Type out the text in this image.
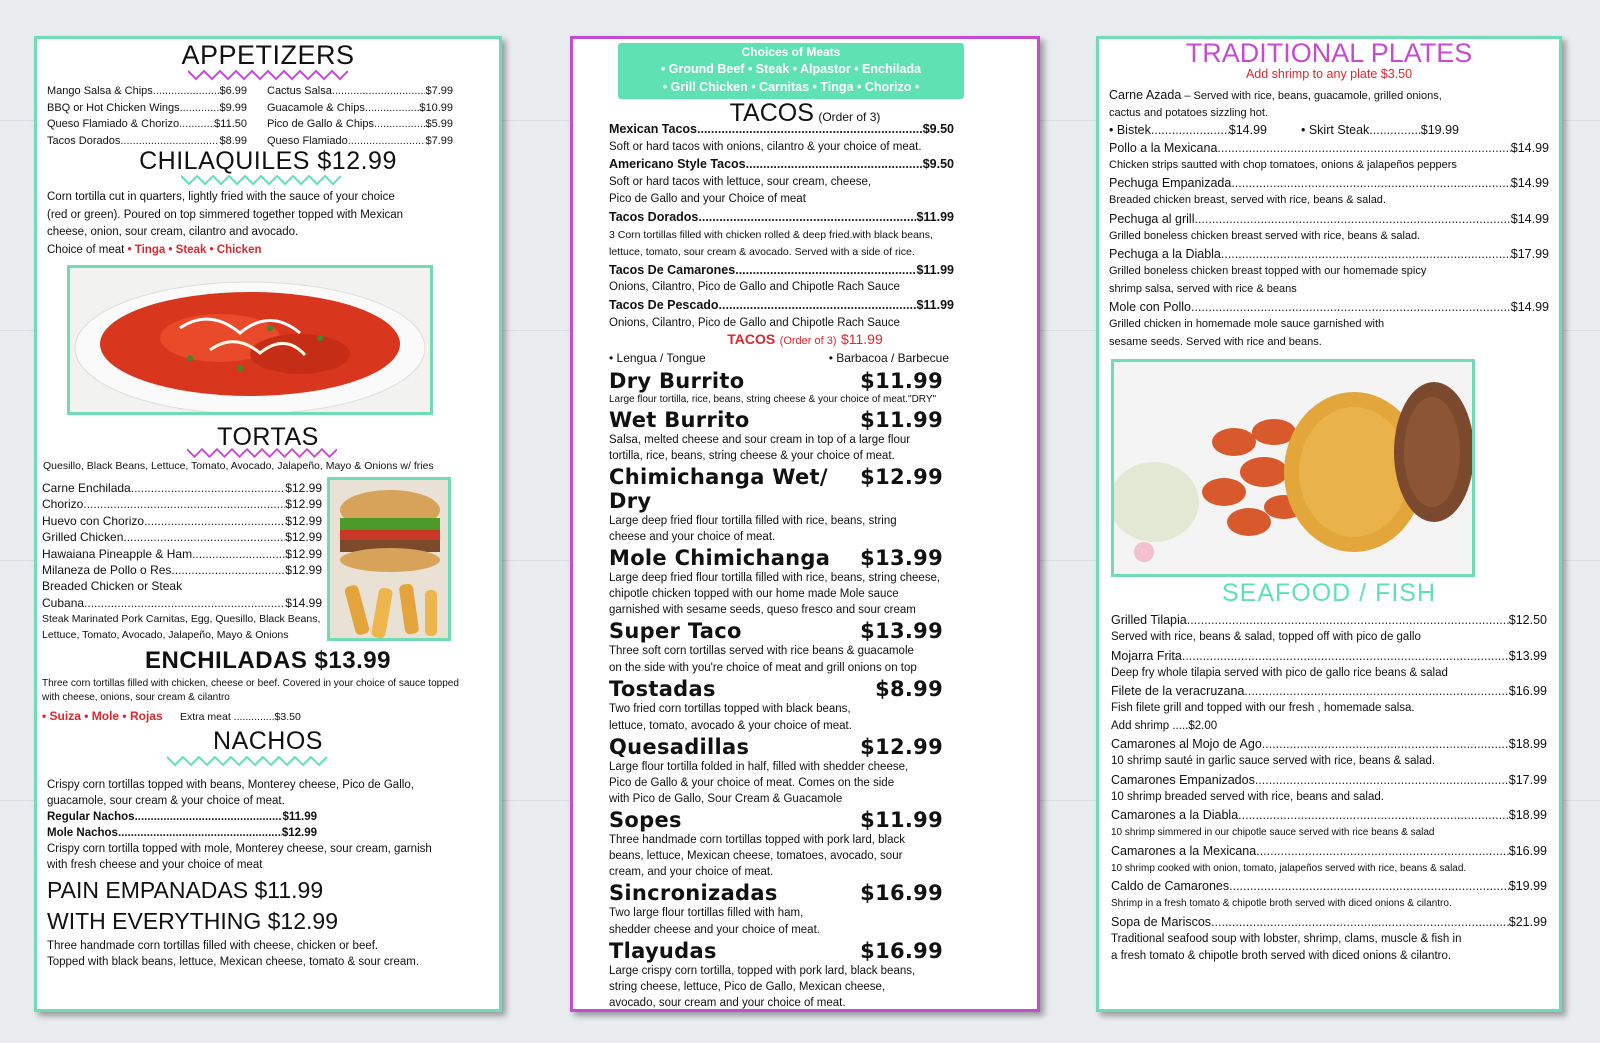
APPETIZERS
Mango Salsa & Chips .....	$6.99
BBQ or Hot Chicken Wings .....	$9.99
Queso Flamiado & Chorizo .....	$11.50
Tacos Dorados .....	$8.99
Cactus Salsa .....	$7.99
Guacamole & Chips .....	$10.99
Pico de Gallo & Chips .....	$5.99
Queso Flamiado .....	$7.99
CHILAQUILES $12.99
Corn tortilla cut in quarters, lightly fried with the sauce of your choice
(red or green). Poured on top simmered together topped with Mexican
cheese, onion, sour cream, cilantro and avocado.
Choice of meat • Tinga • Steak • Chicken
TORTAS
Quesillo, Black Beans, Lettuce, Tomato, Avocado, Jalapeño, Mayo & Onions w/ fries
Carne Enchilada .....	$12.99
Chorizo .....	$12.99
Huevo con Chorizo .....	$12.99
Grilled Chicken .....	$12.99
Hawaiana Pineapple & Ham .....	$12.99
Milaneza de Pollo o Res .....	$12.99
Breaded Chicken or Steak
Cubana .....	$14.99
Steak Marinated Pork Carnitas, Egg, Quesillo, Black Beans,
Lettuce, Tomato, Avocado, Jalapeño, Mayo & Onions
ENCHILADAS $13.99
Three corn tortillas filled with chicken, cheese or beef. Covered in your choice of sauce topped
with cheese, onions, sour cream & cilantro
• Suiza • Mole • Rojas Extra meat ..............$3.50
NACHOS
Crispy corn tortillas topped with beans, Monterey cheese, Pico de Gallo,
guacamole, sour cream & your choice of meat.
Regular Nachos .....	$11.99
Mole Nachos .....	$12.99
Crispy corn tortilla topped with mole, Monterey cheese, sour cream, garnish
with fresh cheese and your choice of meat
PAIN EMPANADAS $11.99
WITH EVERYTHING $12.99
Three handmade corn tortillas filled with cheese, chicken or beef.
Topped with black beans, lettuce, Mexican cheese, tomato & sour cream.
Choices of Meats
• Ground Beef • Steak • Alpastor • Enchilada
• Grill Chicken • Carnitas • Tinga • Chorizo •
TACOS (Order of 3)
Mexican Tacos .....	$9.50
Soft or hard tacos with onions, cilantro & your choice of meat.
Americano Style Tacos .....	$9.50
Soft or hard tacos with lettuce, sour cream, cheese,
Pico de Gallo and your Choice of meat
Tacos Dorados .....	$11.99
3 Corn tortillas filled with chicken rolled & deep fried.with black beans,
lettuce, tomato, sour cream & avocado. Served with a side of rice.
Tacos De Camarones .....	$11.99
Onions, Cilantro, Pico de Gallo and Chipotle Rach Sauce
Tacos De Pescado .....	$11.99
Onions, Cilantro, Pico de Gallo and Chipotle Rach Sauce
TACOS (Order of 3) $11.99
• Lengua / Tongue	• Barbacoa / Barbecue
Dry Burrito	$11.99
Large flour tortilla, rice, beans, string cheese & your choice of meat."DRY"
Wet Burrito	$11.99
Salsa, melted cheese and sour cream in top of a large flour
tortilla, rice, beans, string cheese & your choice of meat.
Chimichanga Wet/ Dry
$12.99
Large deep fried flour tortilla filled with rice, beans, string
cheese and your choice of meat.
Mole Chimichanga $13.99
Large deep fried flour tortilla filled with rice, beans, string cheese,
chipotle chicken topped with our home made Mole sauce
garnished with sesame seeds, queso fresco and sour cream
Super Taco	$13.99
Three soft corn tortillas served with rice beans & guacamole
on the side with you're choice of meat and grill onions on top
Tostadas	$8.99
Two fried corn tortillas topped with black beans,
lettuce, tomato, avocado & your choice of meat.
Quesadillas	$12.99
Large flour tortilla folded in half, filled with shedder cheese,
Pico de Gallo & your choice of meat. Comes on the side
with Pico de Gallo, Sour Cream & Guacamole
Sopes	$11.99
Three handmade corn tortillas topped with pork lard, black
beans, lettuce, Mexican cheese, tomatoes, avocado, sour
cream, and your choice of meat.
Sincronizadas	$16.99
Two large flour tortillas filled with ham,
shedder cheese and your choice of meat.
Tlayudas	$16.99
Large crispy corn tortilla, topped with pork lard, black beans,
string cheese, lettuce, Pico de Gallo, Mexican cheese,
avocado, sour cream and your choice of meat.
TRADITIONAL PLATES
Add shrimp to any plate $3.50
Carne Azada – Served with rice, beans, guacamole, grilled onions,
cactus and potatoes sizzling hot.
• Bistek .....	$14.99	• Skirt Steak .....	$19.99
Pollo a la Mexicana .....	$14.99
Chicken strips sautted with chop tomatoes, onions & jalapeños peppers
Pechuga Empanizada .....	$14.99
Breaded chicken breast, served with rice, beans & salad.
Pechuga al grill .....	$14.99
Grilled boneless chicken breast served with rice, beans & salad.
Pechuga a la Diabla .....	$17.99
Grilled boneless chicken breast topped with our homemade spicy
shrimp salsa, served with rice & beans
Mole con Pollo .....	$14.99
Grilled chicken in homemade mole sauce garnished with
sesame seeds. Served with rice and beans.
SEAFOOD / FISH
Grilled Tilapia .....	$12.50
Served with rice, beans & salad, topped off with pico de gallo
Mojarra Frita .....	$13.99
Deep fry whole tilapia served with pico de gallo rice beans & salad
Filete de la veracruzana .....	$16.99
Fish filete grill and topped with our fresh , homemade salsa.
Add shrimp .....$2.00
Camarones al Mojo de Ago .....	$18.99
10 shrimp sauté in garlic sauce served with rice, beans & salad.
Camarones Empanizados .....	$17.99
10 shrimp breaded served with rice, beans and salad.
Camarones a la Diabla .....	$18.99
10 shrimp simmered in our chipotle sauce served with rice beans & salad
Camarones a la Mexicana .....	$16.99
10 shrimp cooked with onion, tomato, jalapeños served with rice, beans & salad.
Caldo de Camarones .....	$19.99
Shrimp in a fresh tomato & chipotle broth served with diced onions & cilantro.
Sopa de Mariscos .....	$21.99
Traditional seafood soup with lobster, shrimp, clams, muscle & fish in
a fresh tomato & chipotle broth served with diced onions & cilantro.
